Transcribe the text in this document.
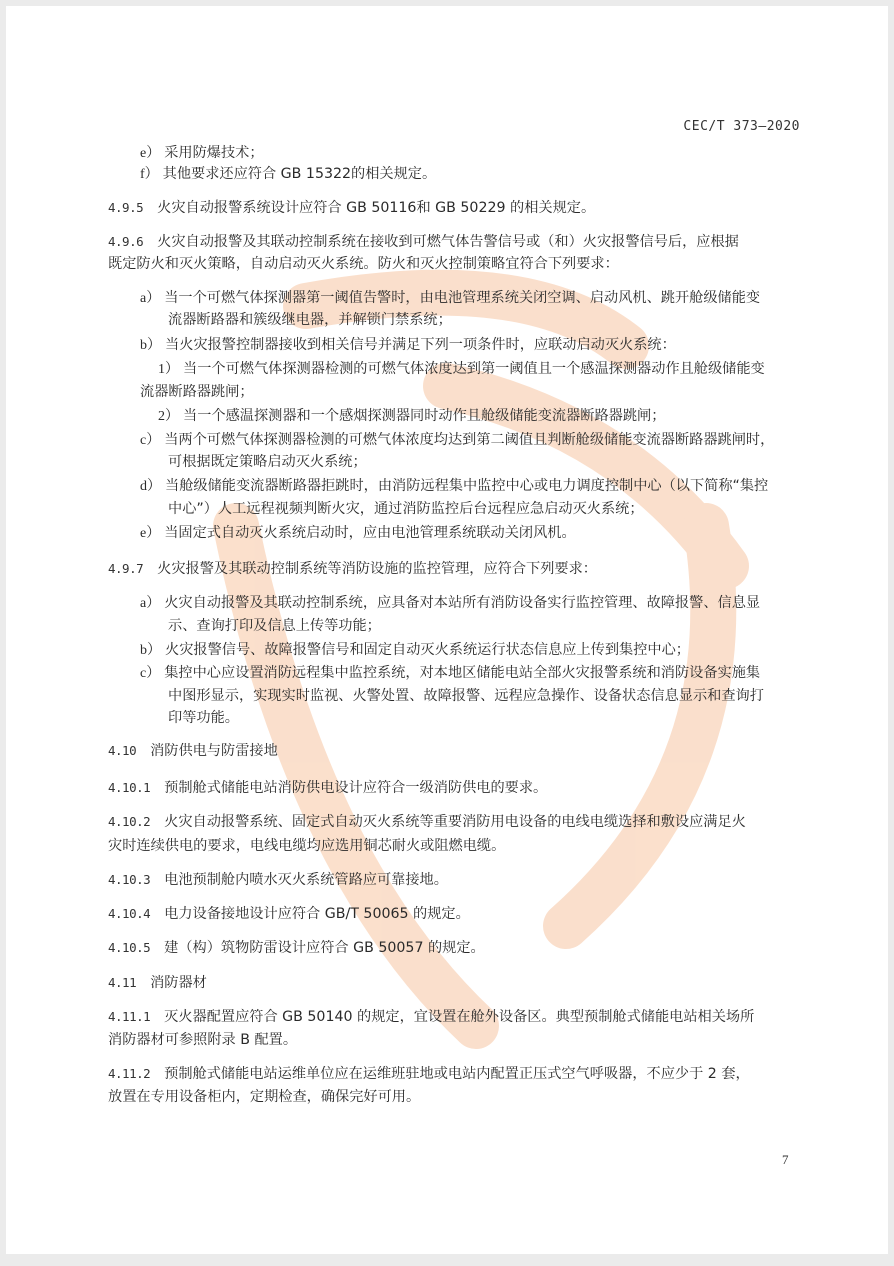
CEC/T 373—2020
e） 采用防爆技术；
f） 其他要求还应符合 GB 15322的相关规定。
4.9.5 火灾自动报警系统设计应符合 GB 50116和 GB 50229 的相关规定。
4.9.6 火灾自动报警及其联动控制系统在接收到可燃气体告警信号或（和）火灾报警信号后，应根据
既定防火和灭火策略，自动启动灭火系统。防火和灭火控制策略宜符合下列要求：
a） 当一个可燃气体探测器第一阈值告警时，由电池管理系统关闭空调、启动风机、跳开舱级储能变
流器断路器和簇级继电器，并解锁门禁系统；
b） 当火灾报警控制器接收到相关信号并满足下列一项条件时，应联动启动灭火系统：
1） 当一个可燃气体探测器检测的可燃气体浓度达到第一阈值且一个感温探测器动作且舱级储能变
流器断路器跳闸；
2） 当一个感温探测器和一个感烟探测器同时动作且舱级储能变流器断路器跳闸；
c） 当两个可燃气体探测器检测的可燃气体浓度均达到第二阈值且判断舱级储能变流器断路器跳闸时，
可根据既定策略启动灭火系统；
d） 当舱级储能变流器断路器拒跳时，由消防远程集中监控中心或电力调度控制中心（以下简称“集控
中心”）人工远程视频判断火灾，通过消防监控后台远程应急启动灭火系统；
e） 当固定式自动灭火系统启动时，应由电池管理系统联动关闭风机。
4.9.7 火灾报警及其联动控制系统等消防设施的监控管理，应符合下列要求：
a） 火灾自动报警及其联动控制系统，应具备对本站所有消防设备实行监控管理、故障报警、信息显
示、查询打印及信息上传等功能；
b） 火灾报警信号、故障报警信号和固定自动灭火系统运行状态信息应上传到集控中心；
c） 集控中心应设置消防远程集中监控系统，对本地区储能电站全部火灾报警系统和消防设备实施集
中图形显示，实现实时监视、火警处置、故障报警、远程应急操作、设备状态信息显示和查询打
印等功能。
4.10 消防供电与防雷接地
4.10.1 预制舱式储能电站消防供电设计应符合一级消防供电的要求。
4.10.2 火灾自动报警系统、固定式自动灭火系统等重要消防用电设备的电线电缆选择和敷设应满足火
灾时连续供电的要求，电线电缆均应选用铜芯耐火或阻燃电缆。
4.10.3 电池预制舱内喷水灭火系统管路应可靠接地。
4.10.4 电力设备接地设计应符合 GB/T 50065 的规定。
4.10.5 建（构）筑物防雷设计应符合 GB 50057 的规定。
4.11 消防器材
4.11.1 灭火器配置应符合 GB 50140 的规定，宜设置在舱外设备区。典型预制舱式储能电站相关场所
消防器材可参照附录 B 配置。
4.11.2 预制舱式储能电站运维单位应在运维班驻地或电站内配置正压式空气呼吸器，不应少于 2 套，
放置在专用设备柜内，定期检查，确保完好可用。
7
